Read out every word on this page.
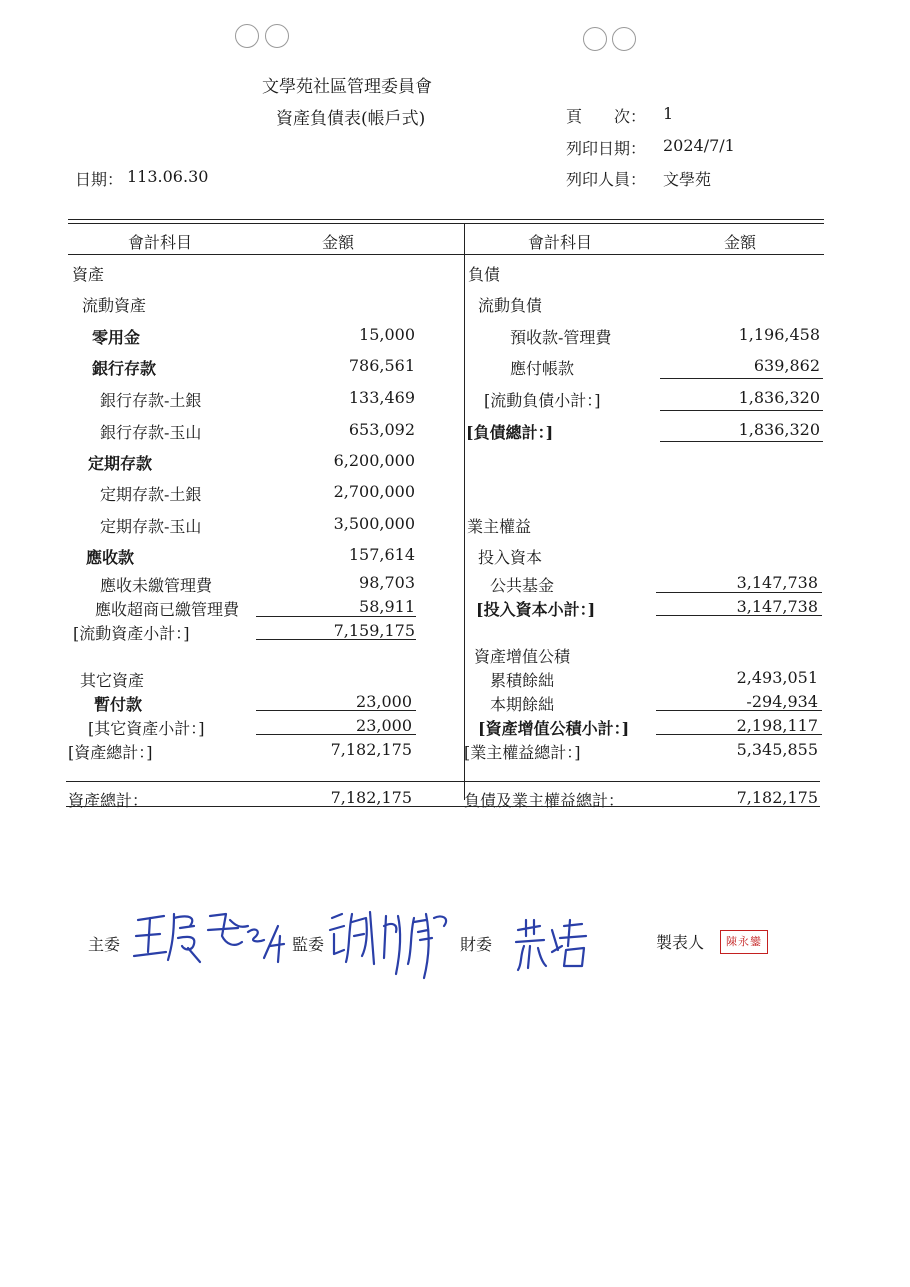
文學苑社區管理委員會
資產負債表(帳戶式)	頁　　次： 1
列印日期： 2024/7/1
列印人員： 文學苑
日期： 113.06.30
會計科目	金額	會計科目	金額
資產
流動資產
零用金	15,000
銀行存款	786,561
銀行存款-土銀	133,469
銀行存款-玉山	653,092
定期存款	6,200,000
定期存款-土銀	2,700,000
定期存款-玉山	3,500,000
應收款	157,614
應收未繳管理費	98,703
應收超商已繳管理費	58,911
[流動資產小計：]	7,159,175
其它資產
暫付款	23,000
[其它資產小計：]	23,000
[資產總計：]	7,182,175
負債
流動負債
預收款-管理費	1,196,458
應付帳款	639,862
[流動負債小計：]	1,836,320
[負債總計：]	1,836,320
業主權益
投入資本
公共基金	3,147,738
[投入資本小計：]	3,147,738
資產增值公積
累積餘絀	2,493,051
本期餘絀	-294,934
[資產增值公積小計：]	2,198,117
[業主權益總計：]	5,345,855
資產總計：	7,182,175	負債及業主權益總計：	7,182,175
主委	監委	財委	製表人	陳永鑾
